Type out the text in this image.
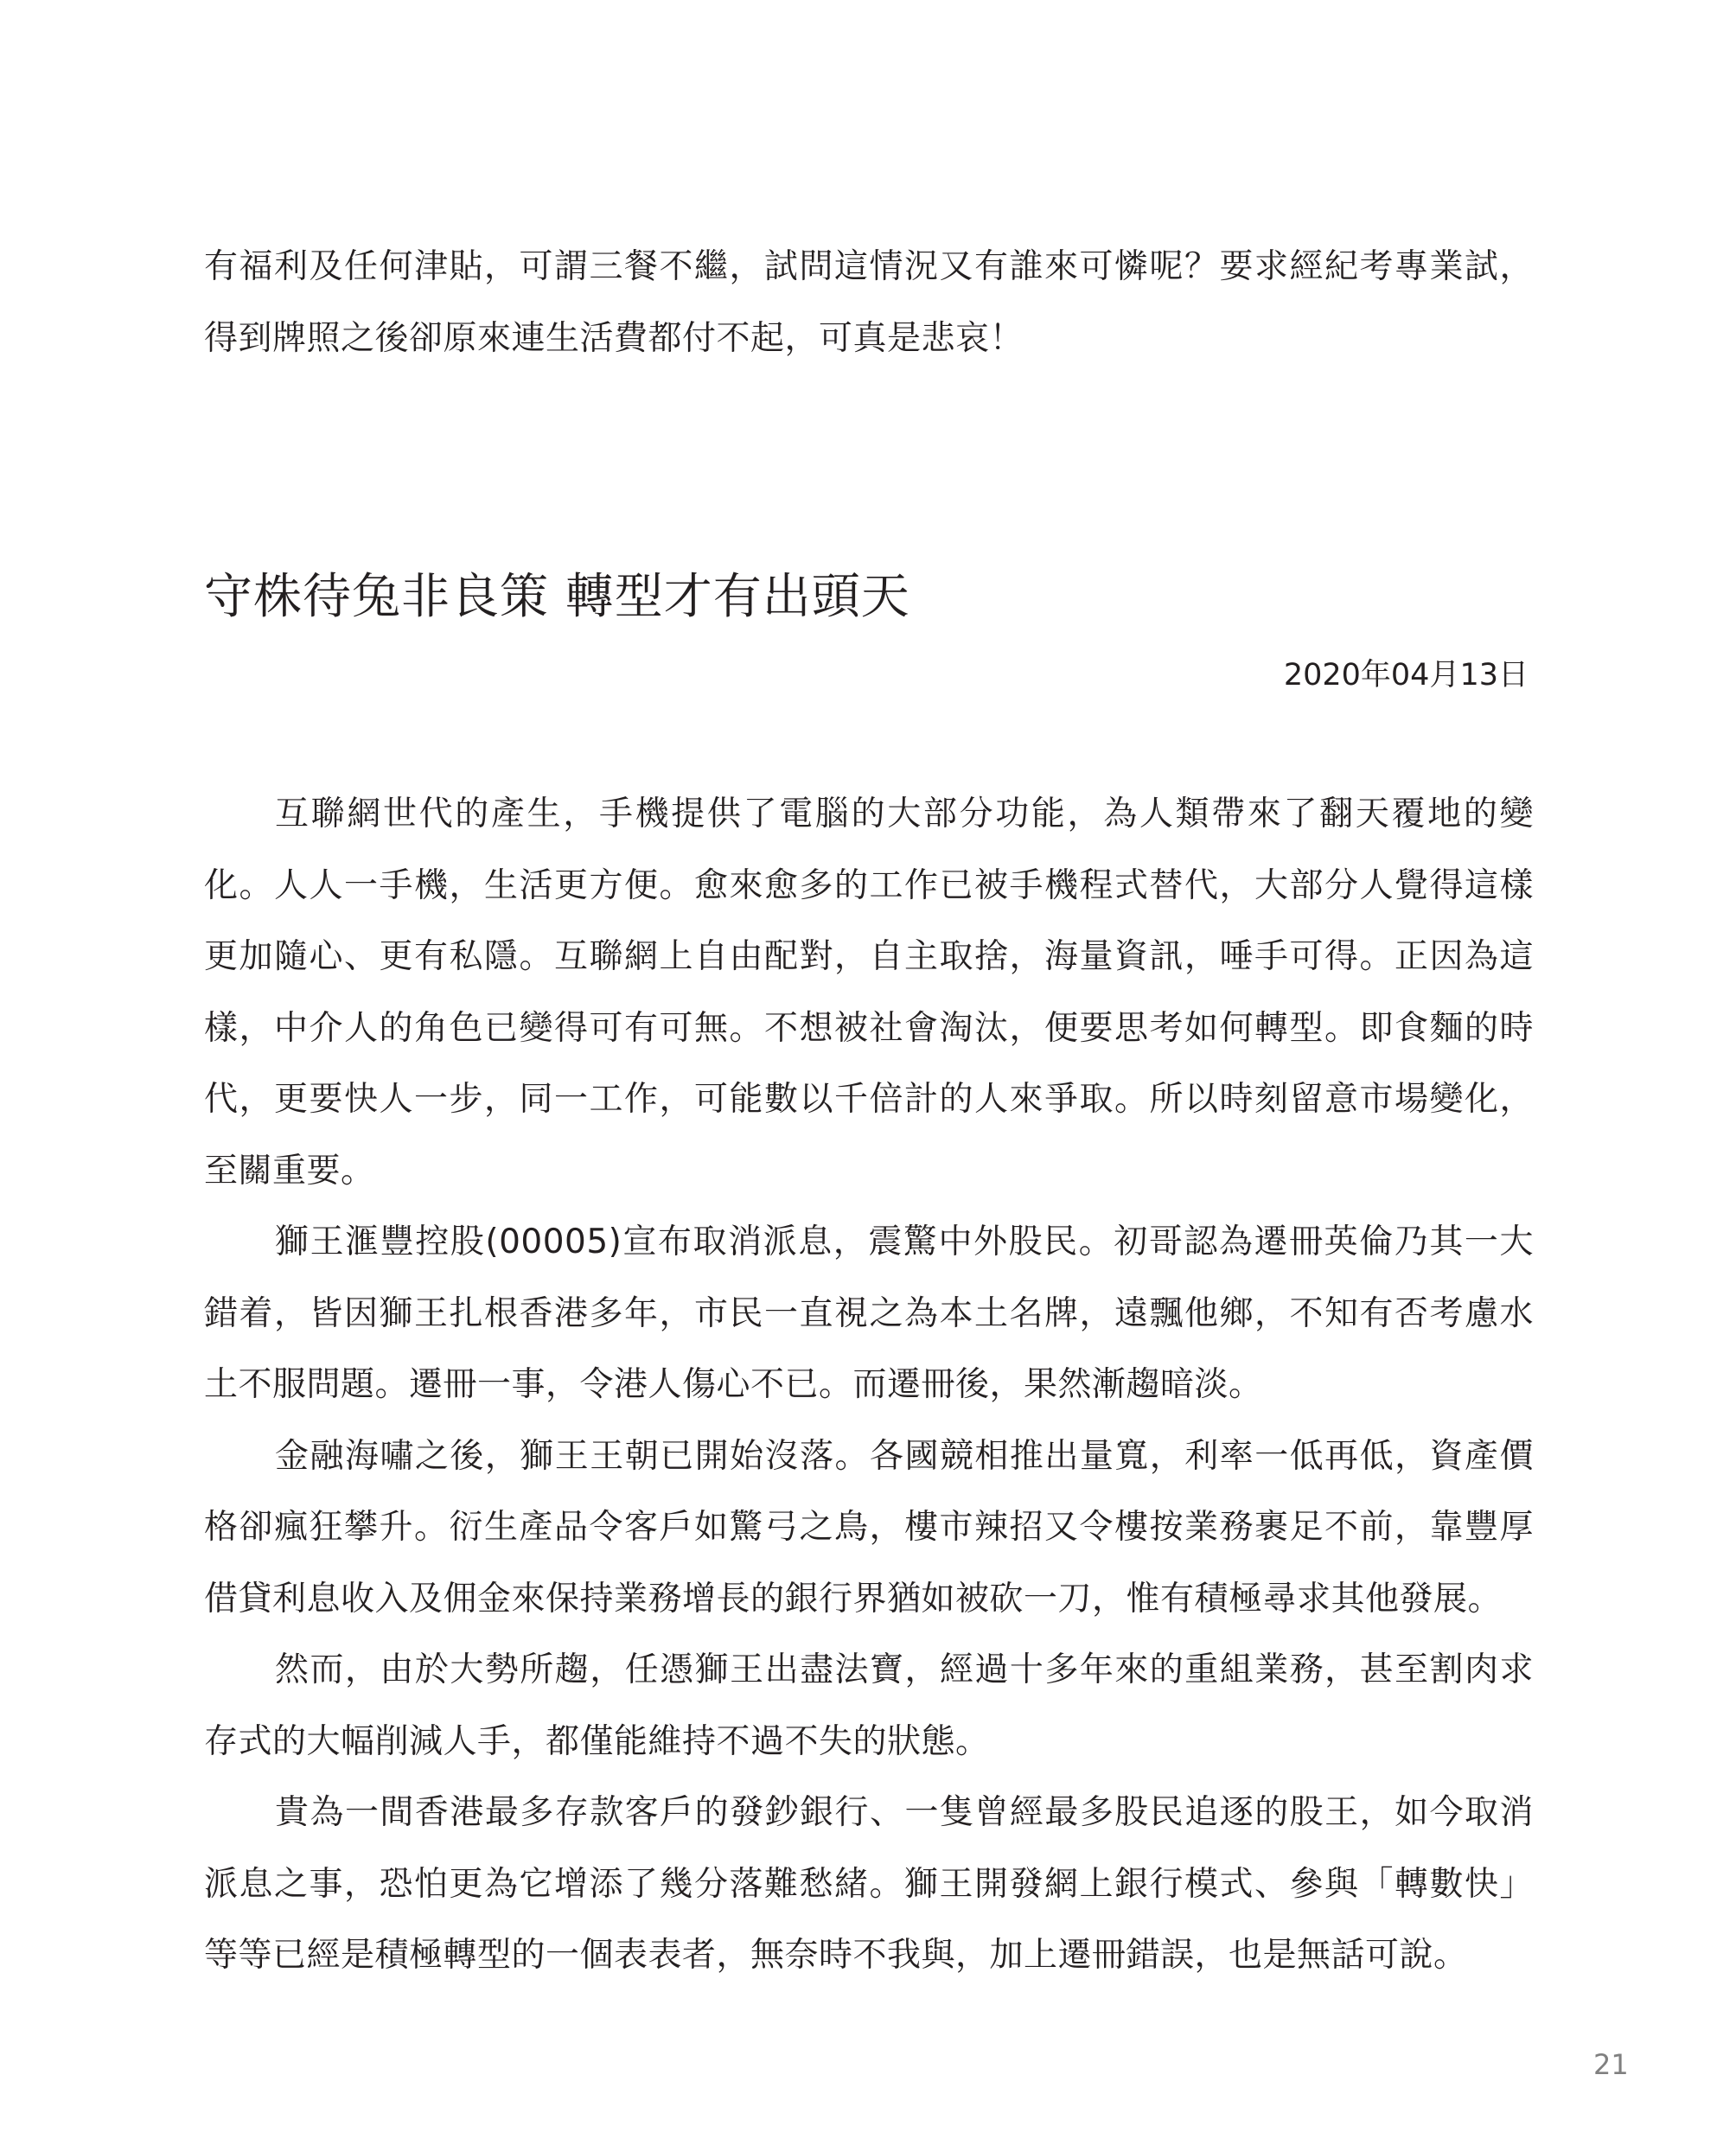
有福利及任何津貼，可謂三餐不繼，試問這情況又有誰來可憐呢？要求經紀考專業試，得到牌照之後卻原來連生活費都付不起，可真是悲哀！

守株待兔非良策 轉型才有出頭天
2020年04月13日

互聯網世代的產生，手機提供了電腦的大部分功能，為人類帶來了翻天覆地的變化。人人一手機，生活更方便。愈來愈多的工作已被手機程式替代，大部分人覺得這樣更加隨心、更有私隱。互聯網上自由配對，自主取捨，海量資訊，唾手可得。正因為這樣，中介人的角色已變得可有可無。不想被社會淘汰，便要思考如何轉型。即食麵的時代，更要快人一步，同一工作，可能數以千倍計的人來爭取。所以時刻留意市場變化，至關重要。

獅王滙豐控股(00005)宣布取消派息，震驚中外股民。初哥認為遷冊英倫乃其一大錯着，皆因獅王扎根香港多年，市民一直視之為本土名牌，遠飄他鄉，不知有否考慮水土不服問題。遷冊一事，令港人傷心不已。而遷冊後，果然漸趨暗淡。

金融海嘯之後，獅王王朝已開始沒落。各國競相推出量寬，利率一低再低，資產價格卻瘋狂攀升。衍生產品令客戶如驚弓之鳥，樓市辣招又令樓按業務裹足不前，靠豐厚借貸利息收入及佣金來保持業務增長的銀行界猶如被砍一刀，惟有積極尋求其他發展。

然而，由於大勢所趨，任憑獅王出盡法寶，經過十多年來的重組業務，甚至割肉求存式的大幅削減人手，都僅能維持不過不失的狀態。

貴為一間香港最多存款客戶的發鈔銀行、一隻曾經最多股民追逐的股王，如今取消派息之事，恐怕更為它增添了幾分落難愁緒。獅王開發網上銀行模式、參與「轉數快」等等已經是積極轉型的一個表表者，無奈時不我與，加上遷冊錯誤，也是無話可說。

21
